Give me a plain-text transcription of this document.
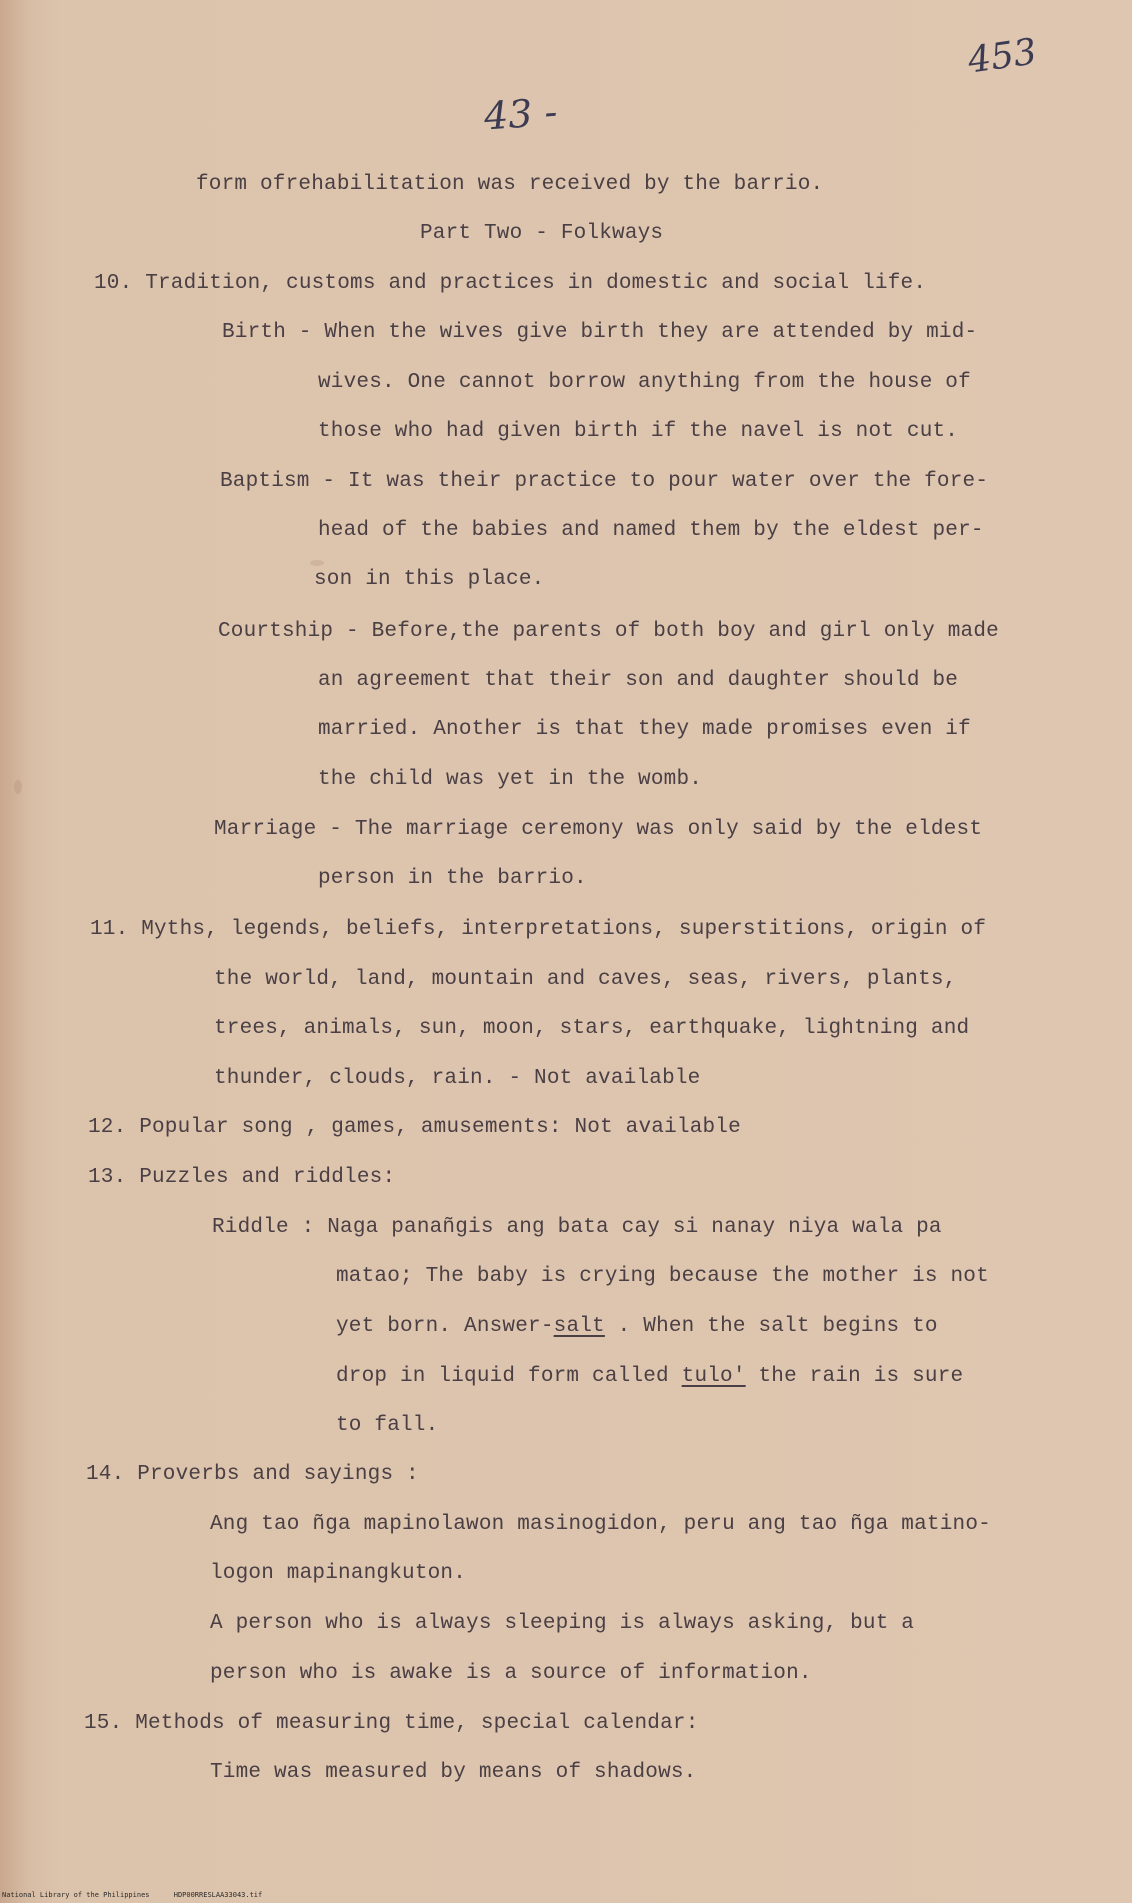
453
43 -
form ofrehabilitation was received by the barrio.
Part Two - Folkways
10. Tradition, customs and practices in domestic and social life.
Birth - When the wives give birth they are attended by mid-
wives. One cannot borrow anything from the house of
those who had given birth if the navel is not cut.
Baptism - It was their practice to pour water over the fore-
head of the babies and named them by the eldest per-
son in this place.
Courtship - Before,the parents of both boy and girl only made
an agreement that their son and daughter should be
married. Another is that they made promises even if
the child was yet in the womb.
Marriage - The marriage ceremony was only said by the eldest
person in the barrio.
11. Myths, legends, beliefs, interpretations, superstitions, origin of
the world, land, mountain and caves, seas, rivers, plants,
trees, animals, sun, moon, stars, earthquake, lightning and
thunder, clouds, rain. - Not available
12. Popular song , games, amusements: Not available
13. Puzzles and riddles:
Riddle : Naga panañgis ang bata cay si nanay niya wala pa
matao; The baby is crying because the mother is not
yet born. Answer-salt . When the salt begins to
drop in liquid form called tulo' the rain is sure
to fall.
14. Proverbs and sayings :
Ang tao ñga mapinolawon masinogidon, peru ang tao ñga matino-
logon mapinangkuton.
A person who is always sleeping is always asking, but a
person who is awake is a source of information.
15. Methods of measuring time, special calendar:
Time was measured by means of shadows.
National Library of the Philippines	HDP00RRESLAA33043.tif
